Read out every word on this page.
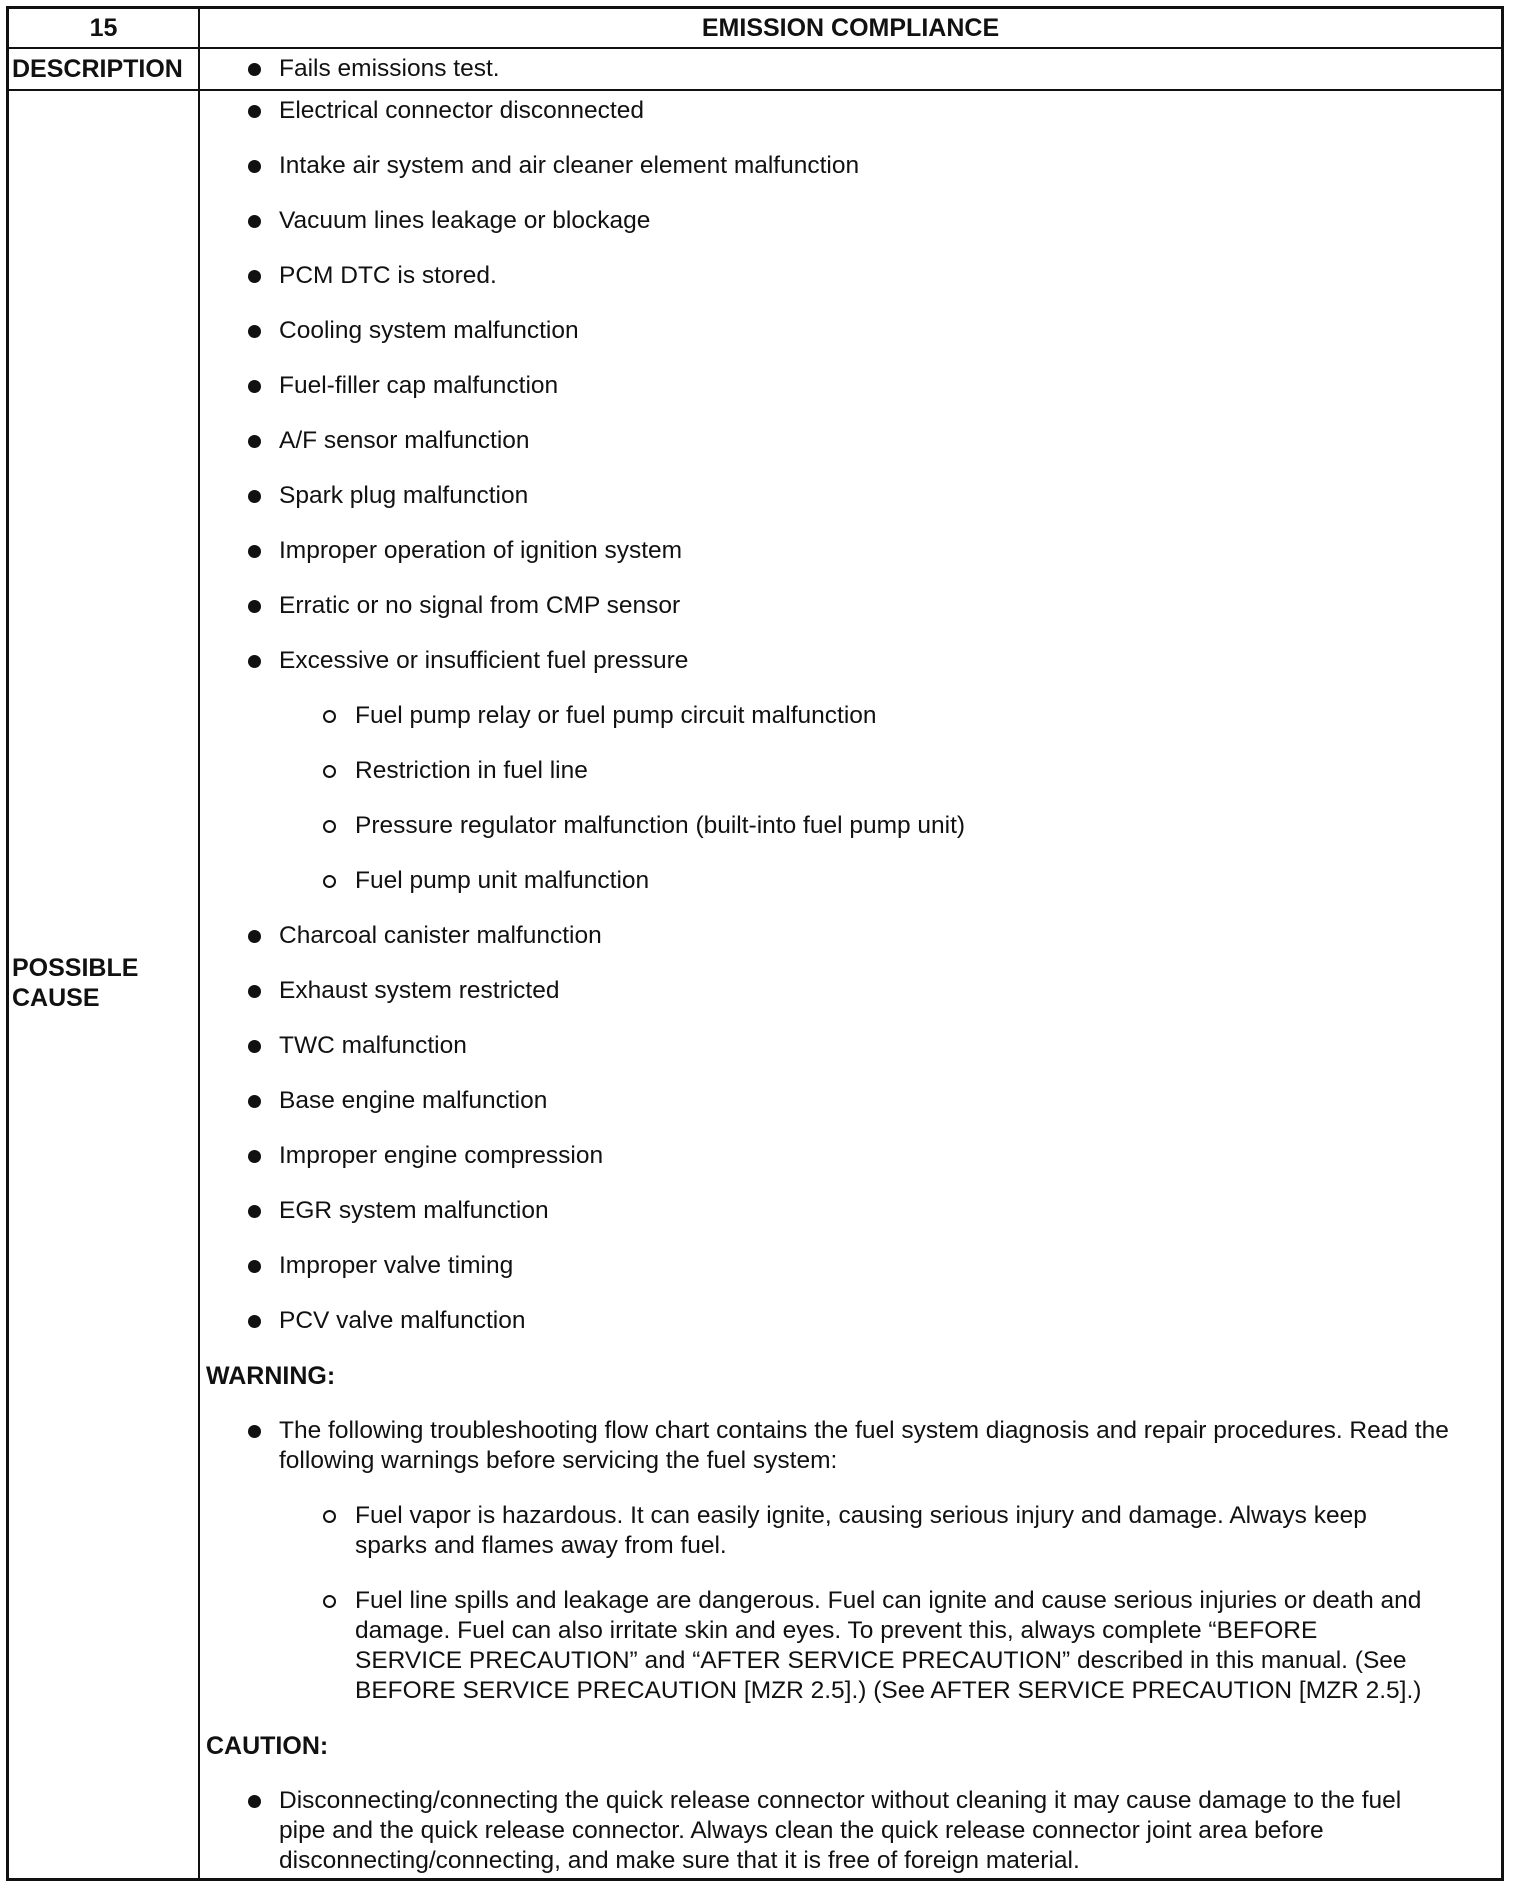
15	EMISSION COMPLIANCE
DESCRIPTION	Fails emissions test.
POSSIBLE
CAUSE
Electrical connector disconnected
Intake air system and air cleaner element malfunction
Vacuum lines leakage or blockage
PCM DTC is stored.
Cooling system malfunction
Fuel-filler cap malfunction
A/F sensor malfunction
Spark plug malfunction
Improper operation of ignition system
Erratic or no signal from CMP sensor
Excessive or insufficient fuel pressure
Fuel pump relay or fuel pump circuit malfunction
Restriction in fuel line
Pressure regulator malfunction (built-into fuel pump unit)
Fuel pump unit malfunction
Charcoal canister malfunction
Exhaust system restricted
TWC malfunction
Base engine malfunction
Improper engine compression
EGR system malfunction
Improper valve timing
PCV valve malfunction
WARNING:
The following troubleshooting flow chart contains the fuel system diagnosis and repair procedures. Read the
following warnings before servicing the fuel system:
Fuel vapor is hazardous. It can easily ignite, causing serious injury and damage. Always keep
sparks and flames away from fuel.
Fuel line spills and leakage are dangerous. Fuel can ignite and cause serious injuries or death and
damage. Fuel can also irritate skin and eyes. To prevent this, always complete “BEFORE
SERVICE PRECAUTION” and “AFTER SERVICE PRECAUTION” described in this manual. (See
BEFORE SERVICE PRECAUTION [MZR 2.5].) (See AFTER SERVICE PRECAUTION [MZR 2.5].)
CAUTION:
Disconnecting/connecting the quick release connector without cleaning it may cause damage to the fuel
pipe and the quick release connector. Always clean the quick release connector joint area before
disconnecting/connecting, and make sure that it is free of foreign material.
